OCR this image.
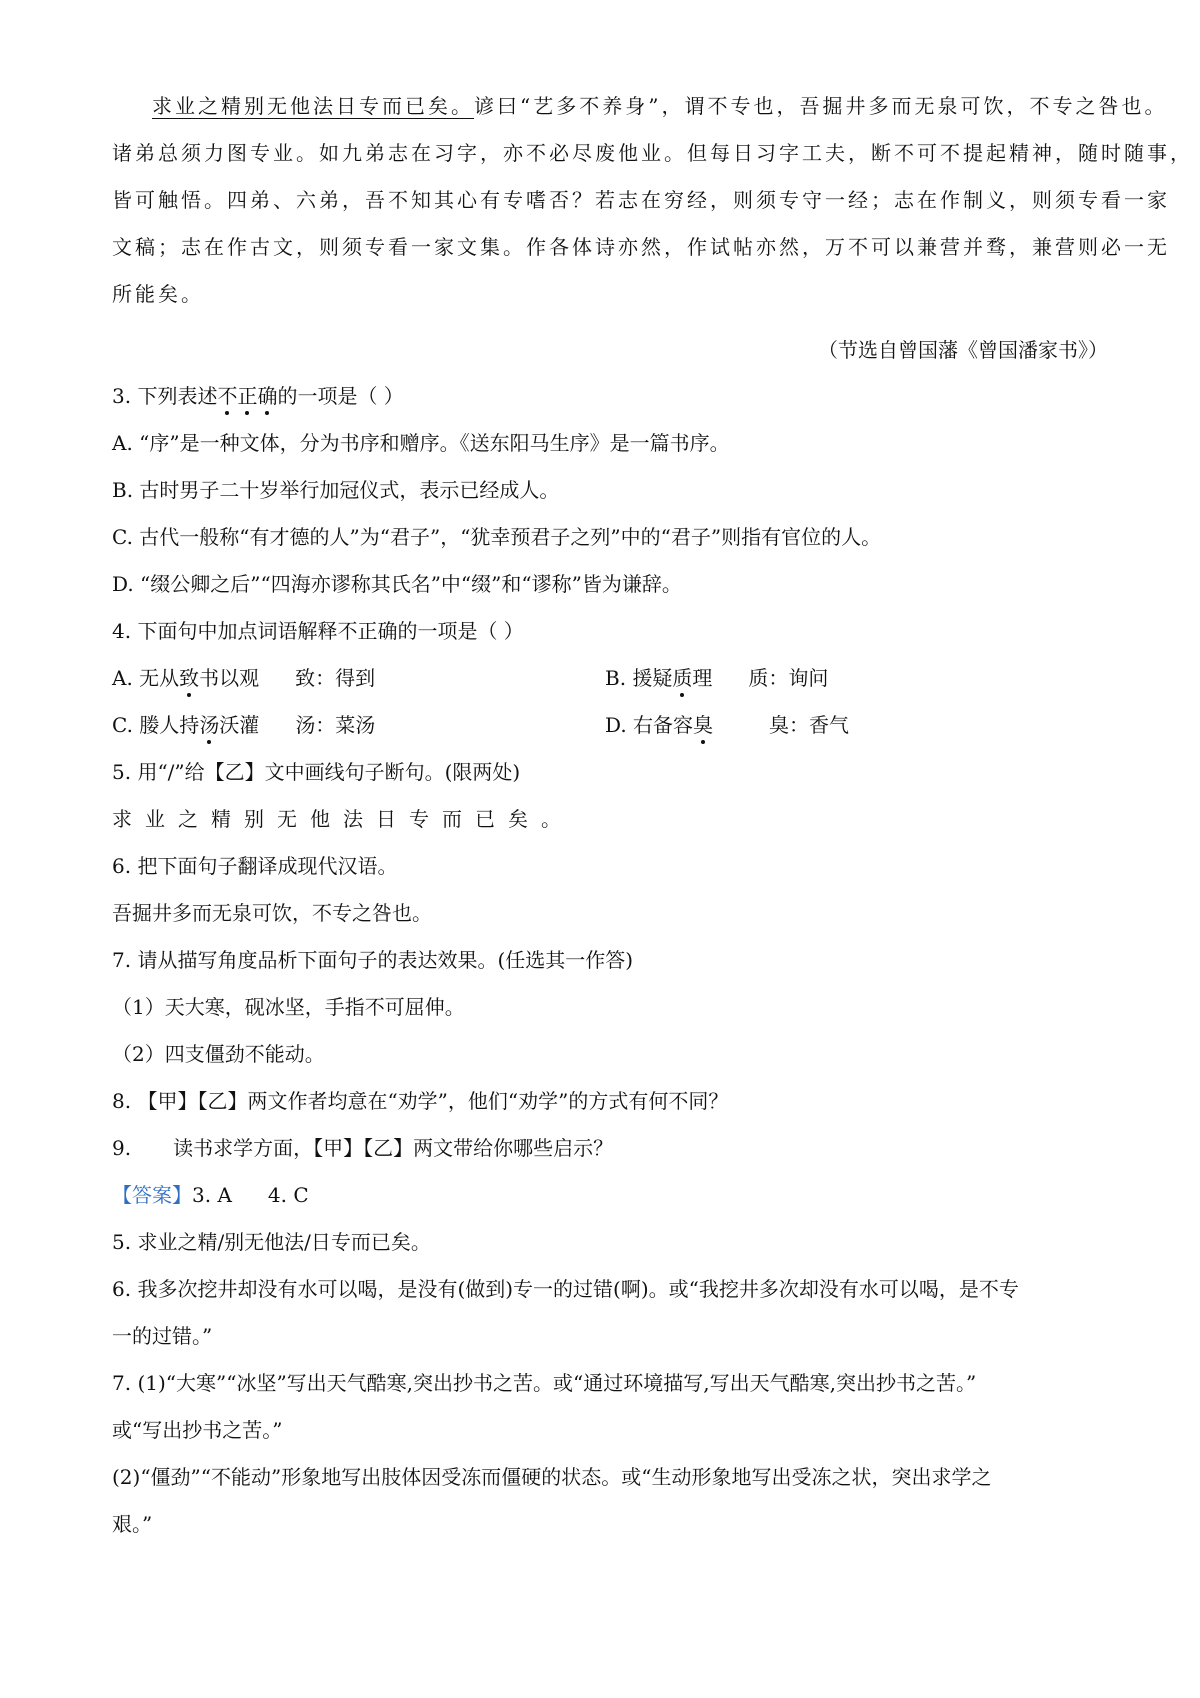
求业之精别无他法日专而已矣。谚曰“艺多不养身”，谓不专也，吾掘井多而无泉可饮，不专之咎也。
诸弟总须力图专业。如九弟志在习字，亦不必尽废他业。但每日习字工夫，断不可不提起精神，随时随事，
皆可触悟。四弟、六弟，吾不知其心有专嗜否？若志在穷经，则须专守一经；志在作制义，则须专看一家
文稿；志在作古文，则须专看一家文集。作各体诗亦然，作试帖亦然，万不可以兼营并骛，兼营则必一无
所能矣。
（节选自曾国藩《曾国潘家书》）
3. 下列表述不正确的一项是（ ）
A. “序”是一种文体，分为书序和赠序。《送东阳马生序》是一篇书序。
B. 古时男子二十岁举行加冠仪式，表示已经成人。
C. 古代一般称“有才德的人”为“君子”，“犹幸预君子之列”中的“君子”则指有官位的人。
D. “缀公卿之后”“四海亦谬称其氏名”中“缀”和“谬称”皆为谦辞。
4. 下面句中加点词语解释不正确的一项是（ ）
A. 无从致书以观 致：得到	B. 援疑质理 质：询问
C. 媵人持汤沃灌 汤：菜汤	D. 右备容臭	臭：香气
5. 用“/”给【乙】文中画线句子断句。(限两处)
求业之精别无他法日专而已矣。
6. 把下面句子翻译成现代汉语。
吾掘井多而无泉可饮，不专之咎也。
7. 请从描写角度品析下面句子的表达效果。(任选其一作答)
（1）天大寒，砚冰坚，手指不可屈伸。
（2）四支僵劲不能动。
8. 【甲】【乙】两文作者均意在“劝学”，他们“劝学”的方式有何不同？
9. 读书求学方面，【甲】【乙】两文带给你哪些启示？
【答案】3. A 4. C
5. 求业之精/别无他法/日专而已矣。
6. 我多次挖井却没有水可以喝，是没有(做到)专一的过错(啊)。或“我挖井多次却没有水可以喝，是不专
一的过错。”
7. (1)“大寒”“冰坚”写出天气酷寒,突出抄书之苦。或“通过环境描写,写出天气酷寒,突出抄书之苦。”
或“写出抄书之苦。”
(2)“僵劲”“不能动”形象地写出肢体因受冻而僵硬的状态。或“生动形象地写出受冻之状，突出求学之
艰。”
